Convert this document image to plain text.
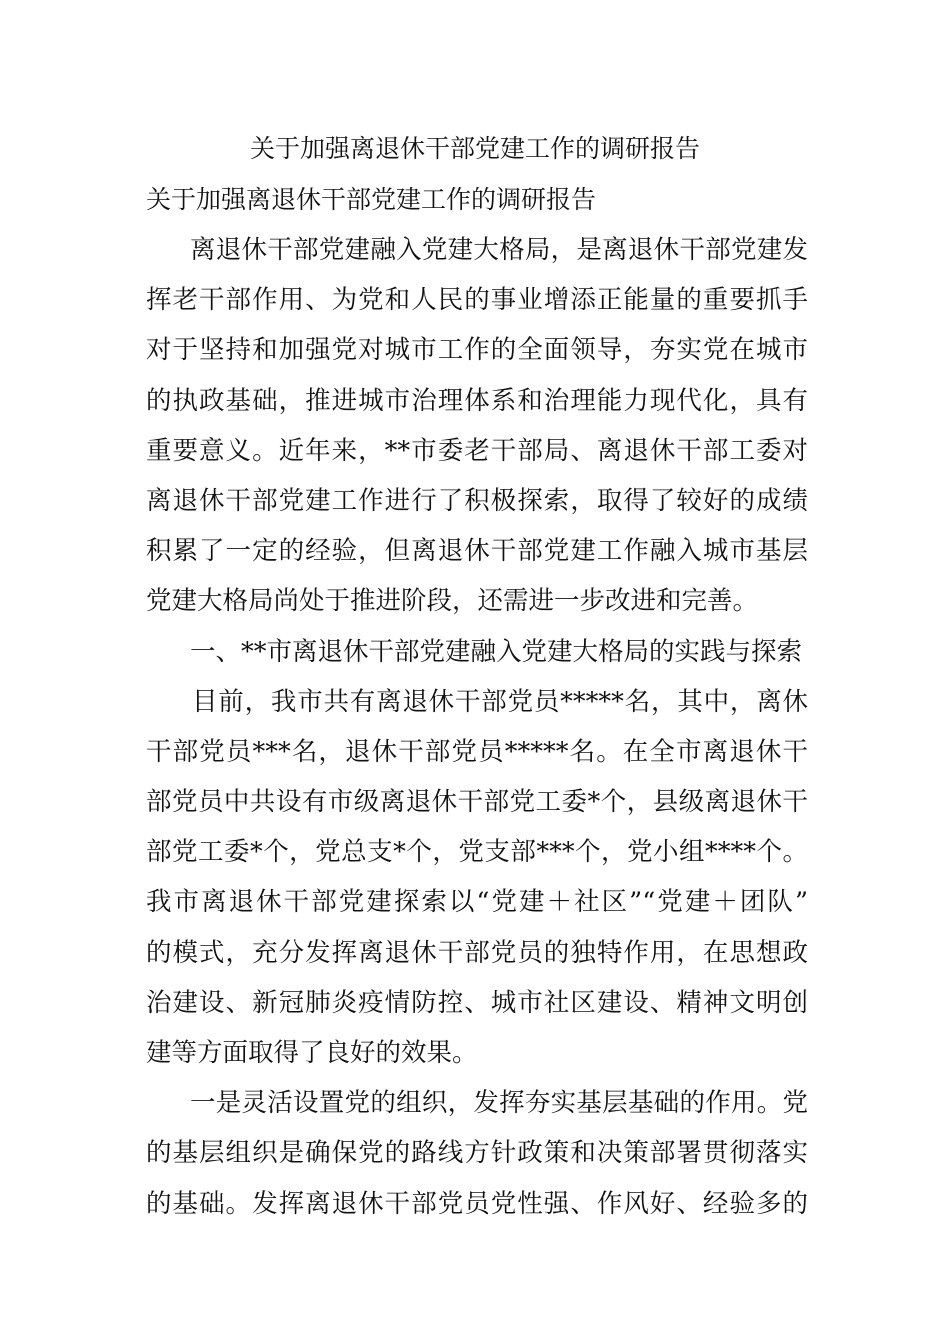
关于加强离退休干部党建工作的调研报告
关于加强离退休干部党建工作的调研报告
离退休干部党建融入党建大格局，是离退休干部党建发
挥老干部作用、为党和人民的事业增添正能量的重要抓手
对于坚持和加强党对城市工作的全面领导，夯实党在城市
的执政基础，推进城市治理体系和治理能力现代化，具有
重要意义。近年来，**市委老干部局、离退休干部工委对
离退休干部党建工作进行了积极探索，取得了较好的成绩
积累了一定的经验，但离退休干部党建工作融入城市基层
党建大格局尚处于推进阶段，还需进一步改进和完善。
一、**市离退休干部党建融入党建大格局的实践与探索
目前，我市共有离退休干部党员*****名，其中，离休
干部党员***名，退休干部党员*****名。在全市离退休干
部党员中共设有市级离退休干部党工委*个，县级离退休干
部党工委*个，党总支*个，党支部***个，党小组****个。
我市离退休干部党建探索以“党建＋社区”“党建＋团队”
的模式，充分发挥离退休干部党员的独特作用，在思想政
治建设、新冠肺炎疫情防控、城市社区建设、精神文明创
建等方面取得了良好的效果。
一是灵活设置党的组织，发挥夯实基层基础的作用。党
的基层组织是确保党的路线方针政策和决策部署贯彻落实
的基础。发挥离退休干部党员党性强、作风好、经验多的
